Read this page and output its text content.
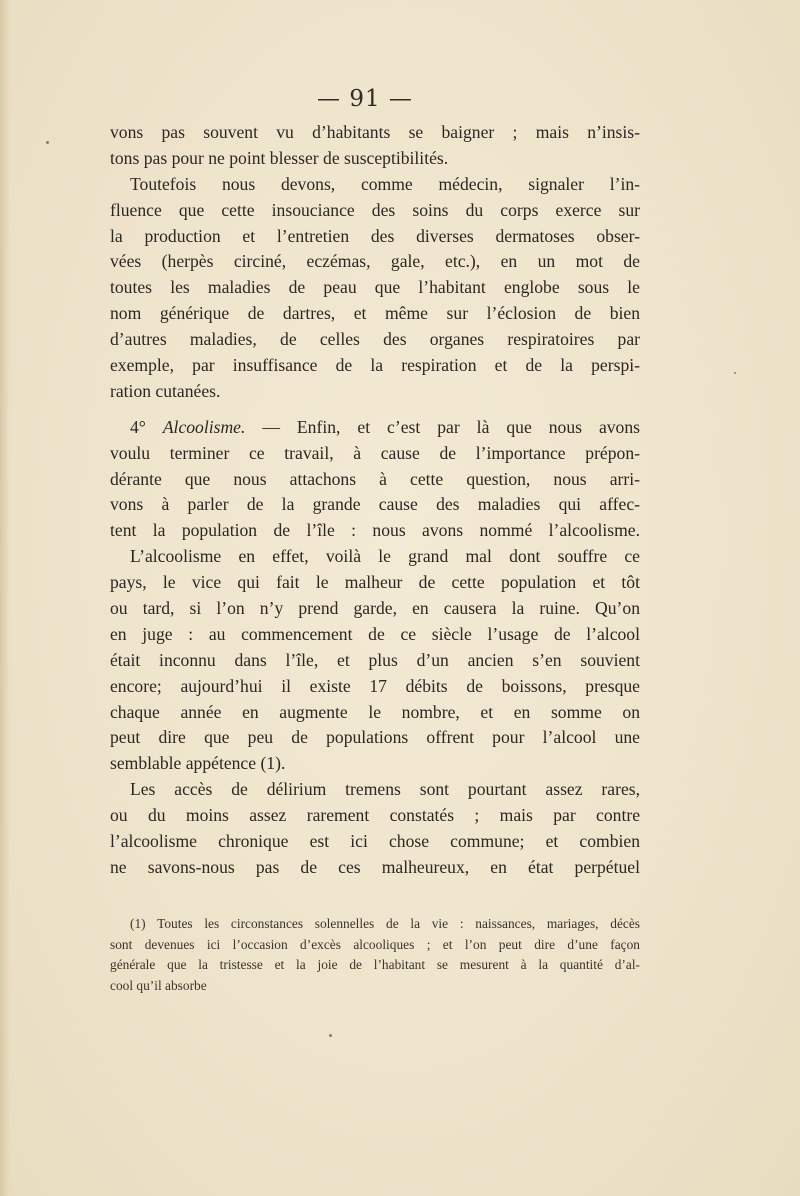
— 91 —
vons pas souvent vu d’habitants se baigner ; mais n’insis-
tons pas pour ne point blesser de susceptibilités.
Toutefois nous devons, comme médecin, signaler l’in-
fluence que cette insouciance des soins du corps exerce sur
la production et l’entretien des diverses dermatoses obser-
vées (herpès circiné, eczémas, gale, etc.), en un mot de
toutes les maladies de peau que l’habitant englobe sous le
nom générique de dartres, et même sur l’éclosion de bien
d’autres maladies, de celles des organes respiratoires par
exemple, par insuffisance de la respiration et de la perspi-
ration cutanées.
4° Alcoolisme. — Enfin, et c’est par là que nous avons
voulu terminer ce travail, à cause de l’importance prépon-
dérante que nous attachons à cette question, nous arri-
vons à parler de la grande cause des maladies qui affec-
tent la population de l’île : nous avons nommé l’alcoolisme.
L’alcoolisme en effet, voilà le grand mal dont souffre ce
pays, le vice qui fait le malheur de cette population et tôt
ou tard, si l’on n’y prend garde, en causera la ruine. Qu’on
en juge : au commencement de ce siècle l’usage de l’alcool
était inconnu dans l’île, et plus d’un ancien s’en souvient
encore; aujourd’hui il existe 17 débits de boissons, presque
chaque année en augmente le nombre, et en somme on
peut dire que peu de populations offrent pour l’alcool une
semblable appétence (1).
Les accès de délirium tremens sont pourtant assez rares,
ou du moins assez rarement constatés ; mais par contre
l’alcoolisme chronique est ici chose commune; et combien
ne savons-nous pas de ces malheureux, en état perpétuel
(1) Toutes les circonstances solennelles de la vie : naissances, mariages, décès
sont devenues ici l’occasion d’excès alcooliques ; et l’on peut dire d’une façon
générale que la tristesse et la joie de l’habitant se mesurent à la quantité d’al-
cool qu’il absorbe
